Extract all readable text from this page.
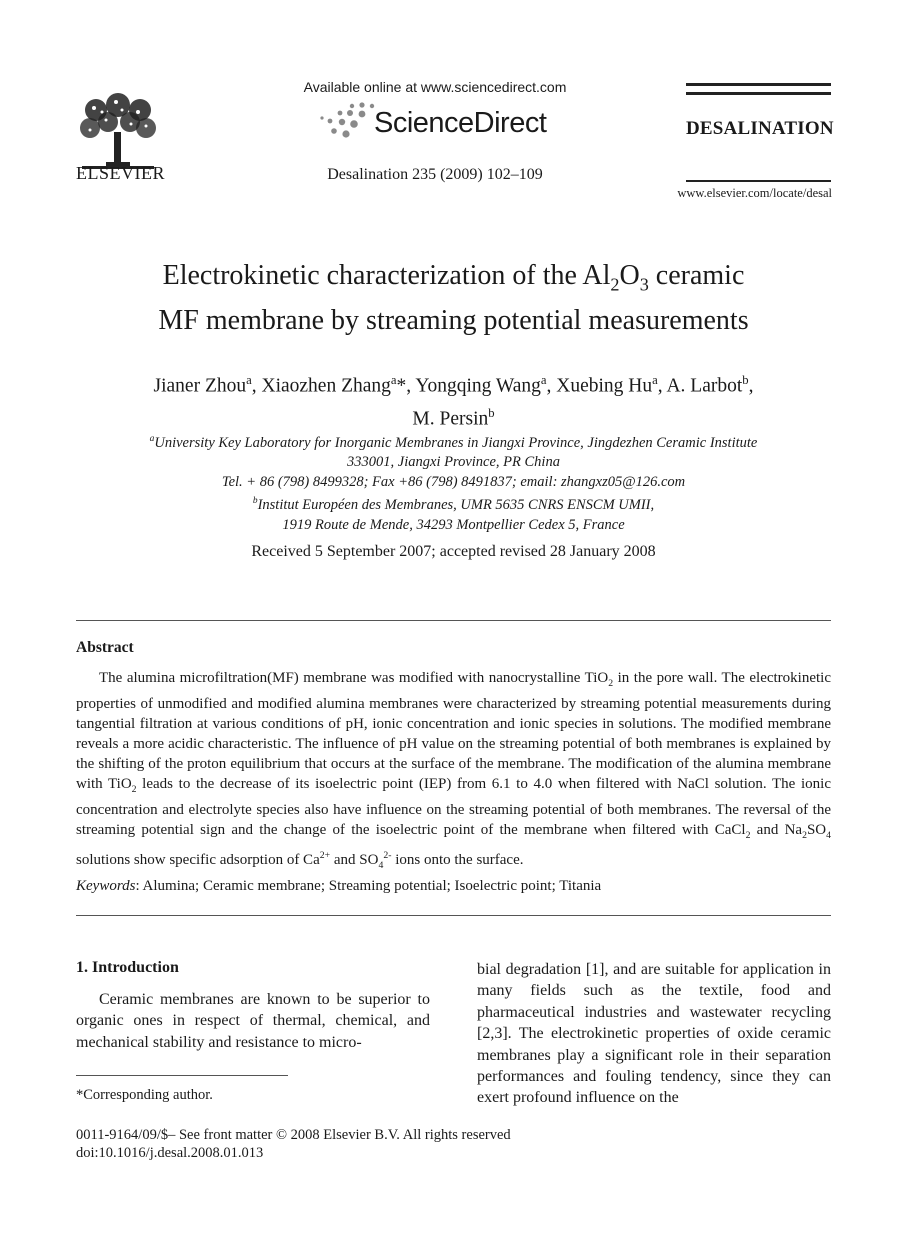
ELSEVIER
Available online at www.sciencedirect.com
ScienceDirect
Desalination 235 (2009) 102–109
DESALINATION
www.elsevier.com/locate/desal
Electrokinetic characterization of the $Al_2O_3$ ceramic
MF membrane by streaming potential measurements
Jianer Zhou$^a$, Xiaozhen Zhang$^a$*, Yongqing Wang$^a$, Xuebing Hu$^a$, A. Larbot$^b$,
M. Persin$^b$
$^a$University Key Laboratory for Inorganic Membranes in Jiangxi Province, Jingdezhen Ceramic Institute
333001, Jiangxi Province, PR China
Tel. + 86 (798) 8499328; Fax +86 (798) 8491837; email: zhangxz05@126.com
$^b$Institut Européen des Membranes, UMR 5635 CNRS ENSCM UMII,
1919 Route de Mende, 34293 Montpellier Cedex 5, France
Received 5 September 2007; accepted revised 28 January 2008
Abstract
The alumina microfiltration(MF) membrane was modified with nanocrystalline TiO$_2$ in the pore wall. The electrokinetic properties of unmodified and modified alumina membranes were characterized by streaming potential measurements during tangential filtration at various conditions of pH, ionic concentration and ionic species in solutions. The modified membrane reveals a more acidic characteristic. The influence of pH value on the streaming potential of both membranes is explained by the shifting of the proton equilibrium that occurs at the surface of the membrane. The modification of the alumina membrane with TiO$_2$ leads to the decrease of its isoelectric point (IEP) from 6.1 to 4.0 when filtered with NaCl solution. The ionic concentration and electrolyte species also have influence on the streaming potential of both membranes. The reversal of the streaming potential sign and the change of the isoelectric point of the membrane when filtered with CaCl$_2$ and $Na_2SO_4$ solutions show specific adsorption of $Ca^{2+}$ and $SO_4^{2-}$ ions onto the surface.
Keywords: Alumina; Ceramic membrane; Streaming potential; Isoelectric point; Titania
1. Introduction
Ceramic membranes are known to be superior to organic ones in respect of thermal, chemical, and mechanical stability and resistance to micro-
bial degradation [1], and are suitable for application in many fields such as the textile, food and pharmaceutical industries and wastewater recycling [2,3]. The electrokinetic properties of oxide ceramic membranes play a significant role in their separation performances and fouling tendency, since they can exert profound influence on the
*Corresponding author.
0011-9164/09/$– See front matter © 2008 Elsevier B.V. All rights reserved
doi:10.1016/j.desal.2008.01.013
